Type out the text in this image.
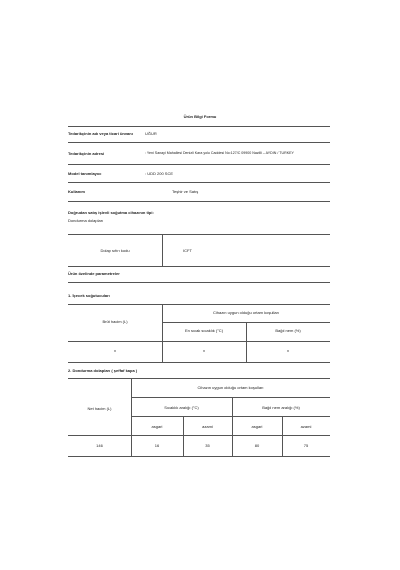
Ürün Bilgi Formu
Tedarikçinin adı veya ticari ünvanı	UĞUR
Tedarikçinin adresi	: Yeni Sanayi Mahallesi Denizli Kara yolu Caddesi No:127/C 09900 Nazilli – AYDIN / TURKEY
Model tanımlayıcı	: UDD 200 SCE
Kullanım	Teşhir ve Satış
Doğrudan satış işlevli soğutma cihazının tipi:
Dondurma dolapları
Dolap sıfırı kodu	ICFT
Ürün özelinde parametreler
1. İçecek soğutucuları
Brüt hacim (L)
Cihazın uygun olduğu ortam koşulları
En sıcak sıcaklık (°C)	Bağıl nem (%)
x	x	x
2. Dondurma dolapları ( şeffaf kapa )
Net hacim (L)
Cihazın uygun olduğu ortam koşulları
Sıcaklık aralığı (°C)	Bağıl nem aralığı (%)
asgari	azami	asgari	azami
146	16	35	80	75
